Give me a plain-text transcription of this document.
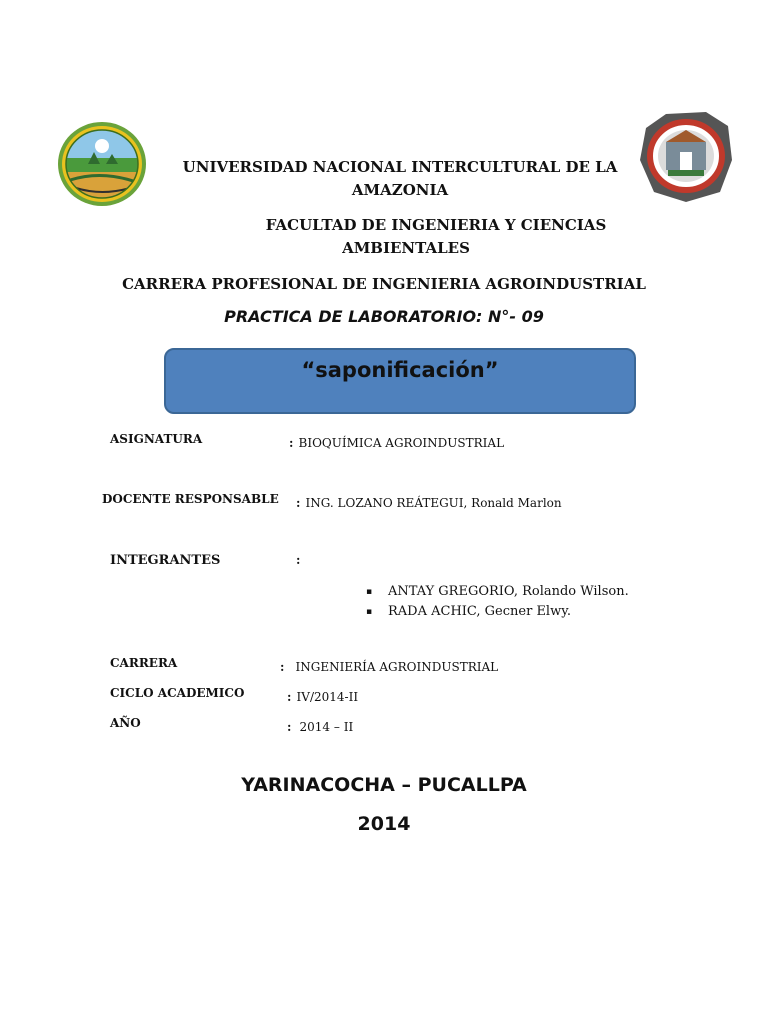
UNIVERSIDAD NACIONAL INTERCULTURAL DE LA
AMAZONIA
FACULTAD DE INGENIERIA Y CIENCIAS
AMBIENTALES
CARRERA PROFESIONAL DE INGENIERIA AGROINDUSTRIAL
PRACTICA DE LABORATORIO: N°- 09
“saponificación”
ASIGNATURA	: BIOQUÍMICA AGROINDUSTRIAL
DOCENTE RESPONSABLE : ING. LOZANO REÁTEGUI, Ronald Marlon
INTEGRANTES	:
▪ ANTAY GREGORIO, Rolando Wilson.
▪ RADA ACHIC, Gecner Elwy.
CARRERA	: INGENIERÍA AGROINDUSTRIAL
CICLO ACADEMICO	: IV/2014-II
AÑO	: 2014 – II
YARINACOCHA – PUCALLPA
2014
